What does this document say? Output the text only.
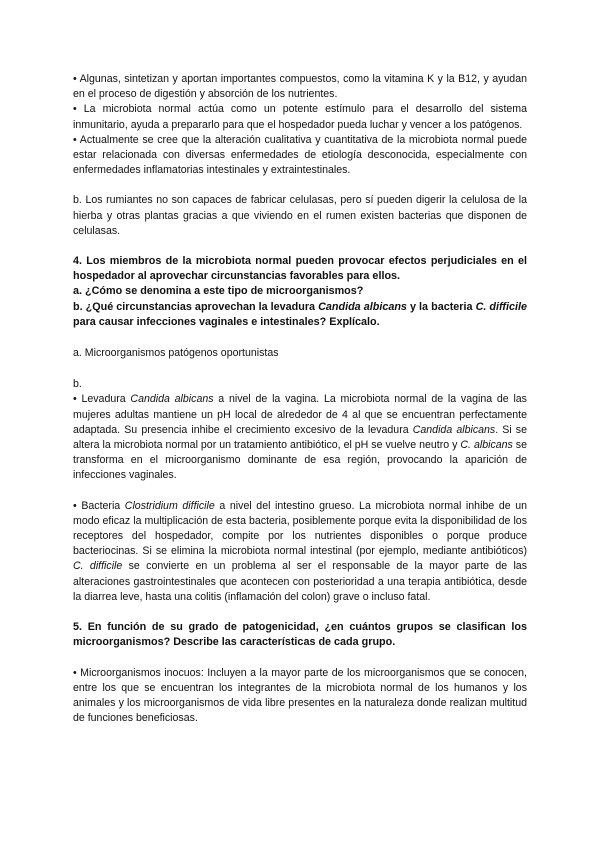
• Algunas, sintetizan y aportan importantes compuestos, como la vitamina K y la B12, y ayudan en el proceso de digestión y absorción de los nutrientes.

• La microbiota normal actúa como un potente estímulo para el desarrollo del sistema inmunitario, ayuda a prepararlo para que el hospedador pueda luchar y vencer a los patógenos.

• Actualmente se cree que la alteración cualitativa y cuantitativa de la microbiota normal puede estar relacionada con diversas enfermedades de etiología desconocida, especialmente con enfermedades inflamatorias intestinales y extraintestinales.

b. Los rumiantes no son capaces de fabricar celulasas, pero sí pueden digerir la celulosa de la hierba y otras plantas gracias a que viviendo en el rumen existen bacterias que disponen de celulasas.

4. Los miembros de la microbiota normal pueden provocar efectos perjudiciales en el hospedador al aprovechar circunstancias favorables para ellos.

a. ¿Cómo se denomina a este tipo de microorganismos?

b. ¿Qué circunstancias aprovechan la levadura Candida albicans y la bacteria C. difficile para causar infecciones vaginales e intestinales? Explícalo.

a. Microorganismos patógenos oportunistas

b.

• Levadura Candida albicans a nivel de la vagina. La microbiota normal de la vagina de las mujeres adultas mantiene un pH local de alrededor de 4 al que se encuentran perfectamente adaptada. Su presencia inhibe el crecimiento excesivo de la levadura Candida albicans. Si se altera la microbiota normal por un tratamiento antibiótico, el pH se vuelve neutro y C. albicans se transforma en el microorganismo dominante de esa región, provocando la aparición de infecciones vaginales.

• Bacteria Clostridium difficile a nivel del intestino grueso. La microbiota normal inhibe de un modo eficaz la multiplicación de esta bacteria, posiblemente porque evita la disponibilidad de los receptores del hospedador, compite por los nutrientes disponibles o porque produce bacteriocinas. Si se elimina la microbiota normal intestinal (por ejemplo, mediante antibióticos) C. difficile se convierte en un problema al ser el responsable de la mayor parte de las alteraciones gastrointestinales que acontecen con posterioridad a una terapia antibiótica, desde la diarrea leve, hasta una colitis (inflamación del colon) grave o incluso fatal.

5. En función de su grado de patogenicidad, ¿en cuántos grupos se clasifican los microorganismos? Describe las características de cada grupo.

• Microorganismos inocuos: Incluyen a la mayor parte de los microorganismos que se conocen, entre los que se encuentran los integrantes de la microbiota normal de los humanos y los animales y los microorganismos de vida libre presentes en la naturaleza donde realizan multitud de funciones beneficiosas.
